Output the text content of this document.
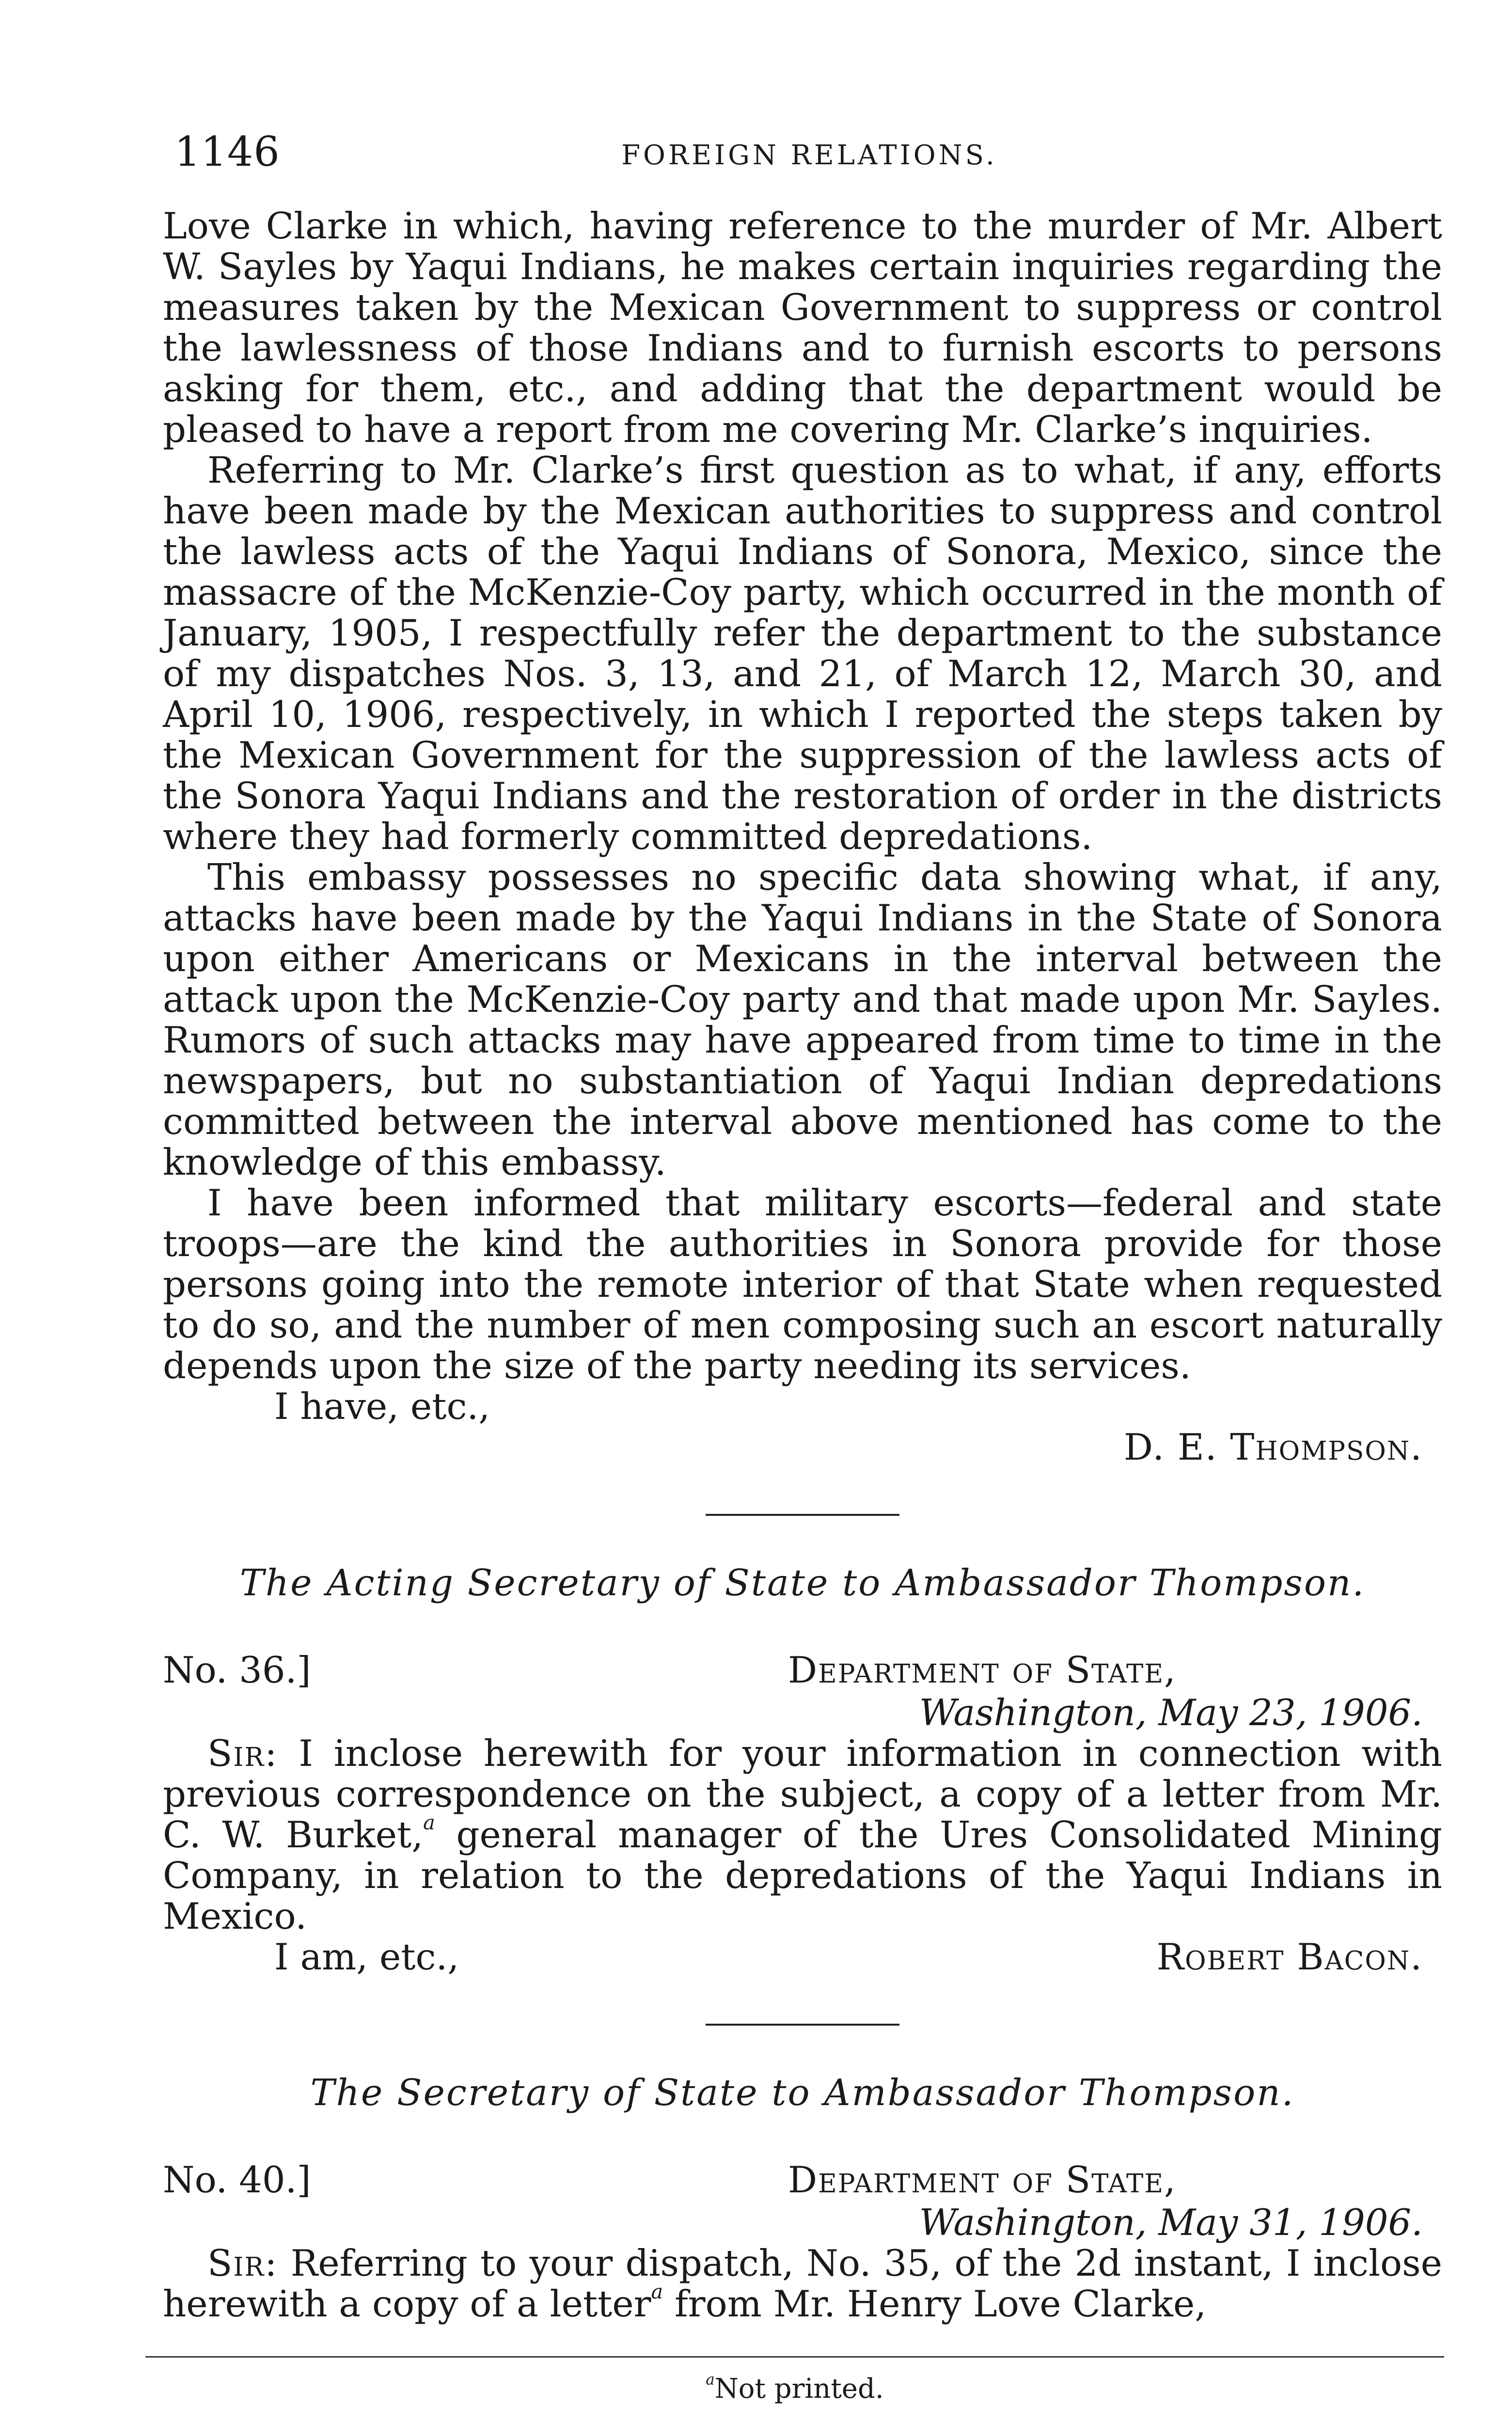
1146	FOREIGN RELATIONS.

Love Clarke in which, having reference to the murder of Mr. Albert W. Sayles by Yaqui Indians, he makes certain inquiries regarding the measures taken by the Mexican Government to suppress or control the lawlessness of those Indians and to furnish escorts to persons asking for them, etc., and adding that the department would be pleased to have a report from me covering Mr. Clarke’s inquiries.

Referring to Mr. Clarke’s first question as to what, if any, efforts have been made by the Mexican authorities to suppress and control the lawless acts of the Yaqui Indians of Sonora, Mexico, since the massacre of the McKenzie-Coy party, which occurred in the month of January, 1905, I respectfully refer the department to the substance of my dispatches Nos. 3, 13, and 21, of March 12, March 30, and April 10, 1906, respectively, in which I reported the steps taken by the Mexican Government for the suppression of the lawless acts of the Sonora Yaqui Indians and the restoration of order in the districts where they had formerly committed depredations.

This embassy possesses no specific data showing what, if any, attacks have been made by the Yaqui Indians in the State of Sonora upon either Americans or Mexicans in the interval between the attack upon the McKenzie-Coy party and that made upon Mr. Sayles. Rumors of such attacks may have appeared from time to time in the newspapers, but no substantiation of Yaqui Indian depredations committed between the interval above mentioned has come to the knowledge of this embassy.

I have been informed that military escorts—federal and state troops—are the kind the authorities in Sonora provide for those persons going into the remote interior of that State when requested to do so, and the number of men composing such an escort naturally depends upon the size of the party needing its services.

I have, etc.,

D. E. Thompson.

The Acting Secretary of State to Ambassador Thompson.

No. 36.]	Department of State,

Washington, May 23, 1906.

Sir: I inclose herewith for your information in connection with previous correspondence on the subject, a copy of a letter from Mr. C. W. Burket,$^a$ general manager of the Ures Consolidated Mining Company, in relation to the depredations of the Yaqui Indians in Mexico.

I am, etc.,	Robert Bacon.

The Secretary of State to Ambassador Thompson.

No. 40.]	Department of State,

Washington, May 31, 1906.

Sir: Referring to your dispatch, No. 35, of the 2d instant, I inclose herewith a copy of a letter$^a$ from Mr. Henry Love Clarke,

$^a$Not printed.
